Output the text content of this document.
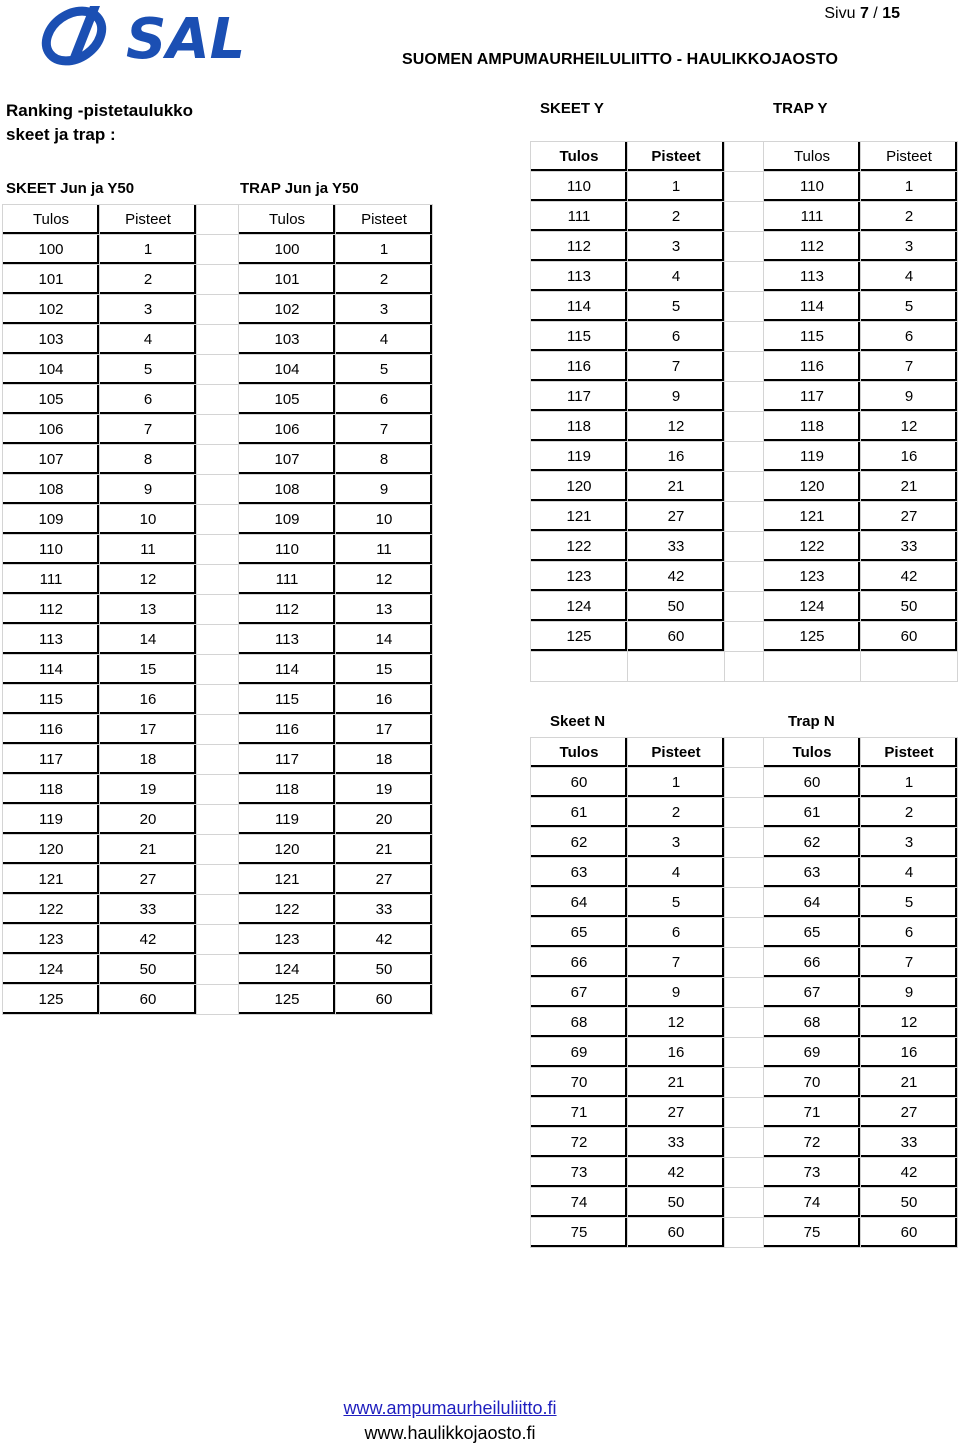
SAL	Sivu 7 / 15
SUOMEN AMPUMAURHEILULIITTO - HAULIKKOJAOSTO
Ranking -pistetaulukko
skeet ja trap :
SKEET Y	TRAP Y
SKEET Jun ja Y50	TRAP Jun ja Y50
Skeet N	Trap N
Tulos	Pisteet	
100	1	
101	2	
102	3	
103	4	
104	5	
105	6	
106	7	
107	8	
108	9	
109	10	
110	11	
111	12	
112	13	
113	14	
114	15	
115	16	
116	17	
117	18	
118	19	
119	20	
120	21	
121	27	
122	33	
123	42	
124	50	
125	60	
Tulos	Pisteet
100	1
101	2
102	3
103	4
104	5
105	6
106	7
107	8
108	9
109	10
110	11
111	12
112	13
113	14
114	15
115	16
116	17
117	18
118	19
119	20
120	21
121	27
122	33
123	42
124	50
125	60
Tulos	Pisteet		Tulos	Pisteet
110	1		110	1
111	2		111	2
112	3		112	3
113	4		113	4
114	5		114	5
115	6		115	6
116	7		116	7
117	9		117	9
118	12		118	12
119	16		119	16
120	21		120	21
121	27		121	27
122	33		122	33
123	42		123	42
124	50		124	50
125	60		125	60

Tulos	Pisteet		Tulos	Pisteet
60	1		60	1
61	2		61	2
62	3		62	3
63	4		63	4
64	5		64	5
65	6		65	6
66	7		66	7
67	9		67	9
68	12		68	12
69	16		69	16
70	21		70	21
71	27		71	27
72	33		72	33
73	42		73	42
74	50		74	50
75	60		75	60
www.ampumaurheiluliitto.fi
www.haulikkojaosto.fi
